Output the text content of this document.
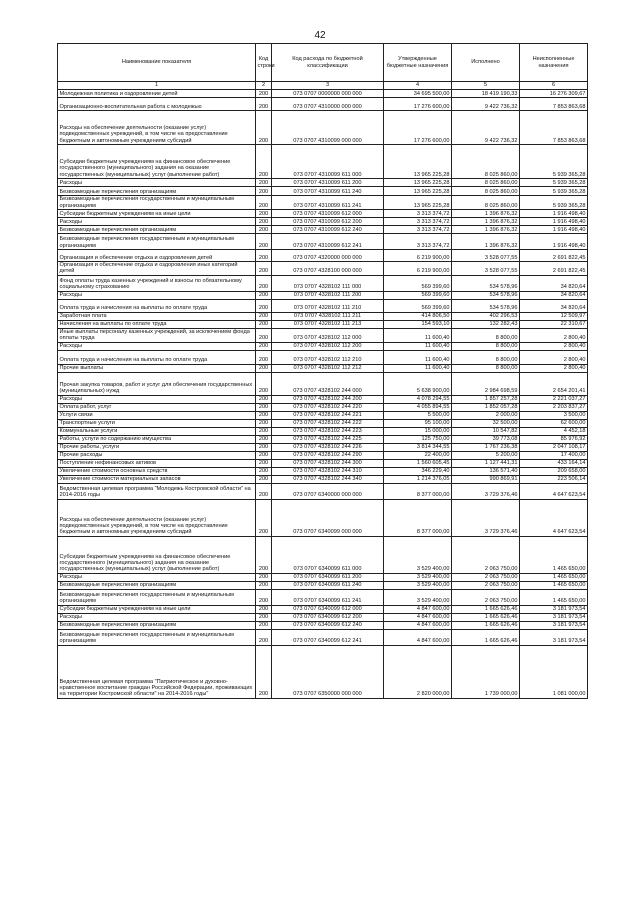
42
Наименование показателя	Код строки	Код расхода по бюджетной классификации	Утвержденные бюджетные назначения	Исполнено	Неисполненные назначения
1	2	3	4	5	6
Молодежная политика и оздоровление детей	200	073 0707 0000000 000 000	34 695 500,00	18 419 190,33	16 276 309,67
Организационно-воспитательная работа с молодежью	200	073 0707 4310000 000 000	17 276 600,00	9 422 736,32	7 853 863,68
Расходы на обеспечение деятельности (оказание услуг) подведомственных учреждений, в том числе на предоставление бюджетным и автономным учреждениям субсидий	200	073 0707 4310099 000 000	17 276 600,00	9 422 736,32	7 853 863,68
Субсидии бюджетным учреждениям на финансовое обеспечение государственного (муниципального) задания на оказание государственных (муниципальных) услуг (выполнение работ)	200	073 0707 4310099 611 000	13 965 225,28	8 025 860,00	5 939 365,28
Расходы	200	073 0707 4310099 611 200	13 965 225,28	8 025 860,00	5 939 365,28
Безвозмездные перечисления организациям	200	073 0707 4310099 611 240	13 965 225,28	8 025 860,00	5 939 365,28
Безвозмездные перечисления государственным и муниципальным организациям	200	073 0707 4310099 611 241	13 965 225,28	8 025 860,00	5 939 365,28
Субсидии бюджетным учреждениям на иные цели	200	073 0707 4310099 612 000	3 313 374,72	1 396 876,32	1 916 498,40
Расходы	200	073 0707 4310099 612 200	3 313 374,72	1 396 876,32	1 916 498,40
Безвозмездные перечисления организациям	200	073 0707 4310099 612 240	3 313 374,72	1 396 876,32	1 916 498,40
Безвозмездные перечисления государственным и муниципальным организациям	200	073 0707 4310099 612 241	3 313 374,72	1 396 876,32	1 916 498,40
Организация и обеспечение отдыха и оздоровления детей	200	073 0707 4320000 000 000	6 219 900,00	3 528 077,55	2 691 822,45
Организация и обеспечение отдыха и оздоровления иных категорий детей	200	073 0707 4328100 000 000	6 219 900,00	3 528 077,55	2 691 822,45
Фонд оплаты труда казенных учреждений и взносы по обязательному социальному страхованию	200	073 0707 4328102 111 000	569 399,60	534 578,96	34 820,64
Расходы	200	073 0707 4328102 111 200	569 399,60	534 578,96	34 820,64
Оплата труда и начисления на выплаты по оплате труда	200	073 0707 4328102 111 210	569 399,60	534 578,96	34 820,64
Заработная плата	200	073 0707 4328102 111 211	414 806,50	402 296,53	12 509,97
Начисления на выплаты по оплате труда	200	073 0707 4328102 111 213	154 593,10	132 282,43	22 310,67
Иные выплаты персоналу казенных учреждений, за исключением фонда оплаты труда	200	073 0707 4328102 112 000	11 600,40	8 800,00	2 800,40
Расходы	200	073 0707 4328102 112 200	11 600,40	8 800,00	2 800,40
Оплата труда и начисления на выплаты по оплате труда	200	073 0707 4328102 112 210	11 600,40	8 800,00	2 800,40
Прочие выплаты	200	073 0707 4328102 112 212	11 600,40	8 800,00	2 800,40
Прочая закупка товаров, работ и услуг для обеспечения государственных (муниципальных) нужд	200	073 0707 4328102 244 000	5 638 900,00	2 984 698,59	2 654 201,41
Расходы	200	073 0707 4328102 244 200	4 078 294,55	1 857 257,28	2 221 037,27
Оплата работ, услуг	200	073 0707 4328102 244 220	4 055 894,55	1 852 057,28	2 203 837,27
Услуги связи	200	073 0707 4328102 244 221	5 500,00	2 000,00	3 500,00
Транспортные услуги	200	073 0707 4328102 244 222	95 100,00	32 500,00	62 600,00
Коммунальные услуги	200	073 0707 4328102 244 223	15 000,00	10 547,82	4 452,18
Работы, услуги по содержанию имущества	200	073 0707 4328102 244 225	125 750,00	39 773,08	85 976,92
Прочие работы, услуги	200	073 0707 4328102 244 226	3 814 344,55	1 767 236,38	2 047 108,17
Прочие расходы	200	073 0707 4328102 244 290	22 400,00	5 200,00	17 400,00
Поступление нефинансовых активов	200	073 0707 4328102 244 300	1 560 605,45	1 127 441,31	433 164,14
Увеличение стоимости основных средств	200	073 0707 4328102 244 310	346 229,40	136 571,40	209 658,00
Увеличение стоимости материальных запасов	200	073 0707 4328102 244 340	1 214 376,05	990 869,91	223 506,14
Ведомственная целевая программа "Молодежь Костромской области" на 2014-2016 годы	200	073 0707 6340000 000 000	8 377 000,00	3 729 376,46	4 647 623,54
Расходы на обеспечение деятельности (оказание услуг) подведомственных учреждений, в том числе на предоставление бюджетным и автономным учреждениям субсидий	200	073 0707 6340099 000 000	8 377 000,00	3 729 376,46	4 647 623,54
Субсидии бюджетным учреждениям на финансовое обеспечение государственного (муниципального) задания на оказание государственных (муниципальных) услуг (выполнение работ)	200	073 0707 6340099 611 000	3 529 400,00	2 063 750,00	1 465 650,00
Расходы	200	073 0707 6340099 611 200	3 529 400,00	2 063 750,00	1 465 650,00
Безвозмездные перечисления организациям	200	073 0707 6340099 611 240	3 529 400,00	2 063 750,00	1 465 650,00
Безвозмездные перечисления государственным и муниципальным организациям	200	073 0707 6340099 611 241	3 529 400,00	2 063 750,00	1 465 650,00
Субсидии бюджетным учреждениям на иные цели	200	073 0707 6340099 612 000	4 847 600,00	1 665 626,46	3 181 973,54
Расходы	200	073 0707 6340099 612 200	4 847 600,00	1 665 626,46	3 181 973,54
Безвозмездные перечисления организациям	200	073 0707 6340099 612 240	4 847 600,00	1 665 626,46	3 181 973,54
Безвозмездные перечисления государственным и муниципальным организациям	200	073 0707 6340099 612 241	4 847 600,00	1 665 626,46	3 181 973,54
Ведомственная целевая программа "Патриотическое и духовно-нравственное воспитание граждан Российской Федерации, проживающих на территории Костромской области" на 2014-2016 годы"	200	073 0707 6350000 000 000	2 820 000,00	1 739 000,00	1 081 000,00
